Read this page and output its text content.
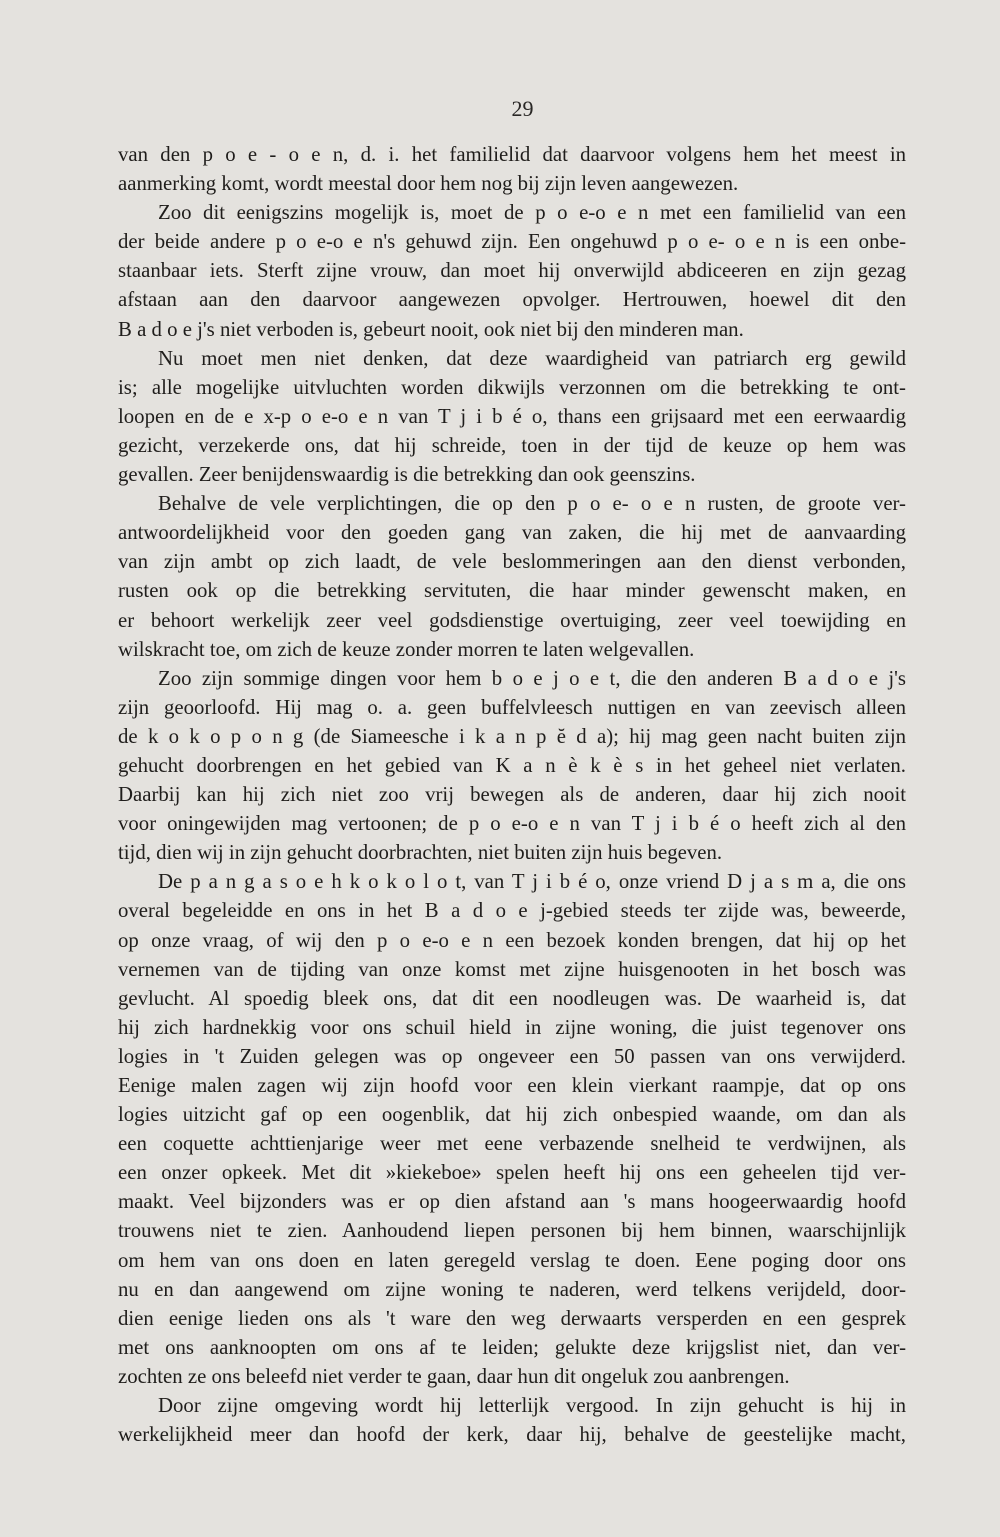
29
van den p o e - o e n, d. i. het familielid dat daarvoor volgens hem het meest in
aanmerking komt, wordt meestal door hem nog bij zijn leven aangewezen.
Zoo dit eenigszins mogelijk is, moet de p o e-o e n met een familielid van een
der beide andere p o e-o e n's gehuwd zijn. Een ongehuwd p o e- o e n is een onbe-
staanbaar iets. Sterft zijne vrouw, dan moet hij onverwijld abdiceeren en zijn gezag
afstaan aan den daarvoor aangewezen opvolger. Hertrouwen, hoewel dit den
B a d o e j's niet verboden is, gebeurt nooit, ook niet bij den minderen man.
Nu moet men niet denken, dat deze waardigheid van patriarch erg gewild
is; alle mogelijke uitvluchten worden dikwijls verzonnen om die betrekking te ont-
loopen en de e x-p o e-o e n van T j i b é o, thans een grijsaard met een eerwaardig
gezicht, verzekerde ons, dat hij schreide, toen in der tijd de keuze op hem was
gevallen. Zeer benijdenswaardig is die betrekking dan ook geenszins.
Behalve de vele verplichtingen, die op den p o e- o e n rusten, de groote ver-
antwoordelijkheid voor den goeden gang van zaken, die hij met de aanvaarding
van zijn ambt op zich laadt, de vele beslommeringen aan den dienst verbonden,
rusten ook op die betrekking servituten, die haar minder gewenscht maken, en
er behoort werkelijk zeer veel godsdienstige overtuiging, zeer veel toewijding en
wilskracht toe, om zich de keuze zonder morren te laten welgevallen.
Zoo zijn sommige dingen voor hem b o e j o e t, die den anderen B a d o e j's
zijn geoorloofd. Hij mag o. a. geen buffelvleesch nuttigen en van zeevisch alleen
de k o k o p o n g (de Siameesche i k a n p ĕ d a); hij mag geen nacht buiten zijn
gehucht doorbrengen en het gebied van K a n è k è s in het geheel niet verlaten.
Daarbij kan hij zich niet zoo vrij bewegen als de anderen, daar hij zich nooit
voor oningewijden mag vertoonen; de p o e-o e n van T j i b é o heeft zich al den
tijd, dien wij in zijn gehucht doorbrachten, niet buiten zijn huis begeven.
De p a n g a s o e h k o k o l o t, van T j i b é o, onze vriend D j a s m a, die ons
overal begeleidde en ons in het B a d o e j-gebied steeds ter zijde was, beweerde,
op onze vraag, of wij den p o e-o e n een bezoek konden brengen, dat hij op het
vernemen van de tijding van onze komst met zijne huisgenooten in het bosch was
gevlucht. Al spoedig bleek ons, dat dit een noodleugen was. De waarheid is, dat
hij zich hardnekkig voor ons schuil hield in zijne woning, die juist tegenover ons
logies in 't Zuiden gelegen was op ongeveer een 50 passen van ons verwijderd.
Eenige malen zagen wij zijn hoofd voor een klein vierkant raampje, dat op ons
logies uitzicht gaf op een oogenblik, dat hij zich onbespied waande, om dan als
een coquette achttienjarige weer met eene verbazende snelheid te verdwijnen, als
een onzer opkeek. Met dit »kiekeboe» spelen heeft hij ons een geheelen tijd ver-
maakt. Veel bijzonders was er op dien afstand aan 's mans hoogeerwaardig hoofd
trouwens niet te zien. Aanhoudend liepen personen bij hem binnen, waarschijnlijk
om hem van ons doen en laten geregeld verslag te doen. Eene poging door ons
nu en dan aangewend om zijne woning te naderen, werd telkens verijdeld, door-
dien eenige lieden ons als 't ware den weg derwaarts versperden en een gesprek
met ons aanknoopten om ons af te leiden; gelukte deze krijgslist niet, dan ver-
zochten ze ons beleefd niet verder te gaan, daar hun dit ongeluk zou aanbrengen.
Door zijne omgeving wordt hij letterlijk vergood. In zijn gehucht is hij in
werkelijkheid meer dan hoofd der kerk, daar hij, behalve de geestelijke macht,
